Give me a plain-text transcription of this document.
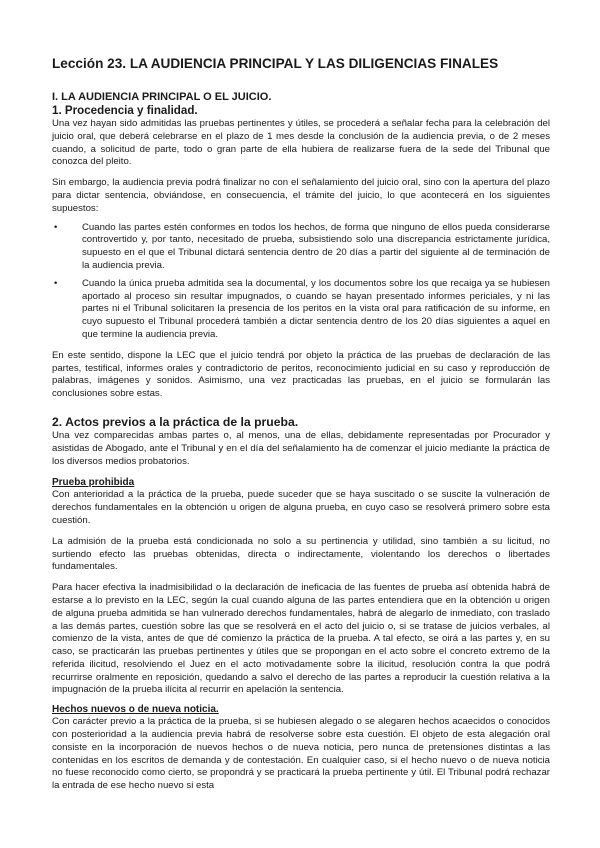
Lección 23. LA AUDIENCIA PRINCIPAL Y LAS DILIGENCIAS FINALES
I. LA AUDIENCIA PRINCIPAL O EL JUICIO.
1. Procedencia y finalidad.

Una vez hayan sido admitidas las pruebas pertinentes y útiles, se procederá a señalar fecha para la celebración del juicio oral, que deberá celebrarse en el plazo de 1 mes desde la conclusión de la audiencia previa, o de 2 meses cuando, a solicitud de parte, todo o gran parte de ella hubiera de realizarse fuera de la sede del Tribunal que conozca del pleito.

Sin embargo, la audiencia previa podrá finalizar no con el señalamiento del juicio oral, sino con la apertura del plazo para dictar sentencia, obviándose, en consecuencia, el trámite del juicio, lo que acontecerá en los siguientes supuestos:

•	Cuando las partes estén conformes en todos los hechos, de forma que ninguno de ellos pueda considerarse controvertido y, por tanto, necesitado de prueba, subsistiendo solo una discrepancia estrictamente jurídica, supuesto en el que el Tribunal dictará sentencia dentro de 20 días a partir del siguiente al de terminación de la audiencia previa.
•	Cuando la única prueba admitida sea la documental, y los documentos sobre los que recaiga ya se hubiesen aportado al proceso sin resultar impugnados, o cuando se hayan presentado informes periciales, y ni las partes ni el Tribunal solicitaren la presencia de los peritos en la vista oral para ratificación de su informe, en cuyo supuesto el Tribunal procederá también a dictar sentencia dentro de los 20 días siguientes a aquel en que termine la audiencia previa.

En este sentido, dispone la LEC que el juicio tendrá por objeto la práctica de las pruebas de declaración de las partes, testifical, informes orales y contradictorio de peritos, reconocimiento judicial en su caso y reproducción de palabras, imágenes y sonidos. Asimismo, una vez practicadas las pruebas, en el juicio se formularán las conclusiones sobre estas.

2. Actos previos a la práctica de la prueba.

Una vez comparecidas ambas partes o, al menos, una de ellas, debidamente representadas por Procurador y asistidas de Abogado, ante el Tribunal y en el día del señalamiento ha de comenzar el juicio mediante la práctica de los diversos medios probatorios.

Prueba prohibida

Con anterioridad a la práctica de la prueba, puede suceder que se haya suscitado o se suscite la vulneración de derechos fundamentales en la obtención u origen de alguna prueba, en cuyo caso se resolverá primero sobre esta cuestión.

La admisión de la prueba está condicionada no solo a su pertinencia y utilidad, sino también a su licitud, no surtiendo efecto las pruebas obtenidas, directa o indirectamente, violentando los derechos o libertades fundamentales.

Para hacer efectiva la inadmisibilidad o la declaración de ineficacia de las fuentes de prueba así obtenida habrá de estarse a lo previsto en la LEC, según la cual cuando alguna de las partes entendiera que en la obtención u origen de alguna prueba admitida se han vulnerado derechos fundamentales, habrá de alegarlo de inmediato, con traslado a las demás partes, cuestión sobre las que se resolverá en el acto del juicio o, si se tratase de juicios verbales, al comienzo de la vista, antes de que dé comienzo la práctica de la prueba. A tal efecto, se oirá a las partes y, en su caso, se practicarán las pruebas pertinentes y útiles que se propongan en el acto sobre el concreto extremo de la referida ilicitud, resolviendo el Juez en el acto motivadamente sobre la ilicitud, resolución contra la que podrá recurrirse oralmente en reposición, quedando a salvo el derecho de las partes a reproducir la cuestión relativa a la impugnación de la prueba ilícita al recurrir en apelación la sentencia.

Hechos nuevos o de nueva noticia.

Con carácter previo a la práctica de la prueba, si se hubiesen alegado o se alegaren hechos acaecidos o conocidos con posterioridad a la audiencia previa habrá de resolverse sobre esta cuestión. El objeto de esta alegación oral consiste en la incorporación de nuevos hechos o de nueva noticia, pero nunca de pretensiones distintas a las contenidas en los escritos de demanda y de contestación. En cualquier caso, si el hecho nuevo o de nueva noticia no fuese reconocido como cierto, se propondrá y se practicará la prueba pertinente y útil. El Tribunal podrá rechazar la entrada de ese hecho nuevo si esta
